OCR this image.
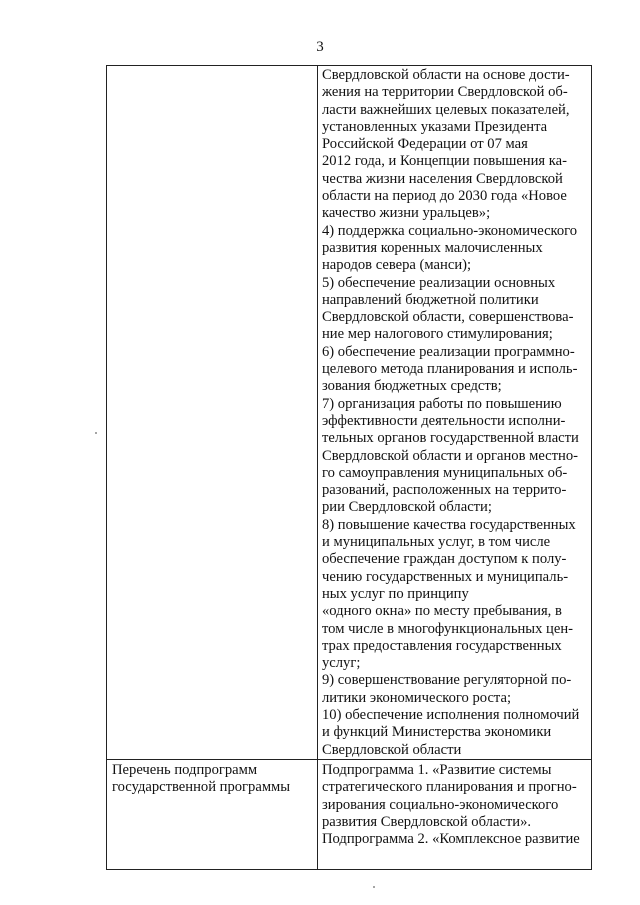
3
Свердловской области на основе дости-
жения на территории Свердловской об-
ласти важнейших целевых показателей,
установленных указами Президента
Российской Федерации от 07 мая
2012 года, и Концепции повышения ка-
чества жизни населения Свердловской
области на период до 2030 года «Новое
качество жизни уральцев»;
4) поддержка социально-экономического
развития коренных малочисленных
народов севера (манси);
5) обеспечение реализации основных
направлений бюджетной политики
Свердловской области, совершенствова-
ние мер налогового стимулирования;
6) обеспечение реализации программно-
целевого метода планирования и исполь-
зования бюджетных средств;
7) организация работы по повышению
эффективности деятельности исполни-
тельных органов государственной власти
Свердловской области и органов местно-
го самоуправления муниципальных об-
разований, расположенных на террито-
рии Свердловской области;
8) повышение качества государственных
и муниципальных услуг, в том числе
обеспечение граждан доступом к полу-
чению государственных и муниципаль-
ных услуг по принципу
«одного окна» по месту пребывания, в
том числе в многофункциональных цен-
трах предоставления государственных
услуг;
9) совершенствование регуляторной по-
литики экономического роста;
10) обеспечение исполнения полномочий
и функций Министерства экономики
Свердловской области
Перечень подпрограмм
государственной программы
Подпрограмма 1. «Развитие системы
стратегического планирования и прогно-
зирования социально-экономического
развития Свердловской области».
Подпрограмма 2. «Комплексное развитие
